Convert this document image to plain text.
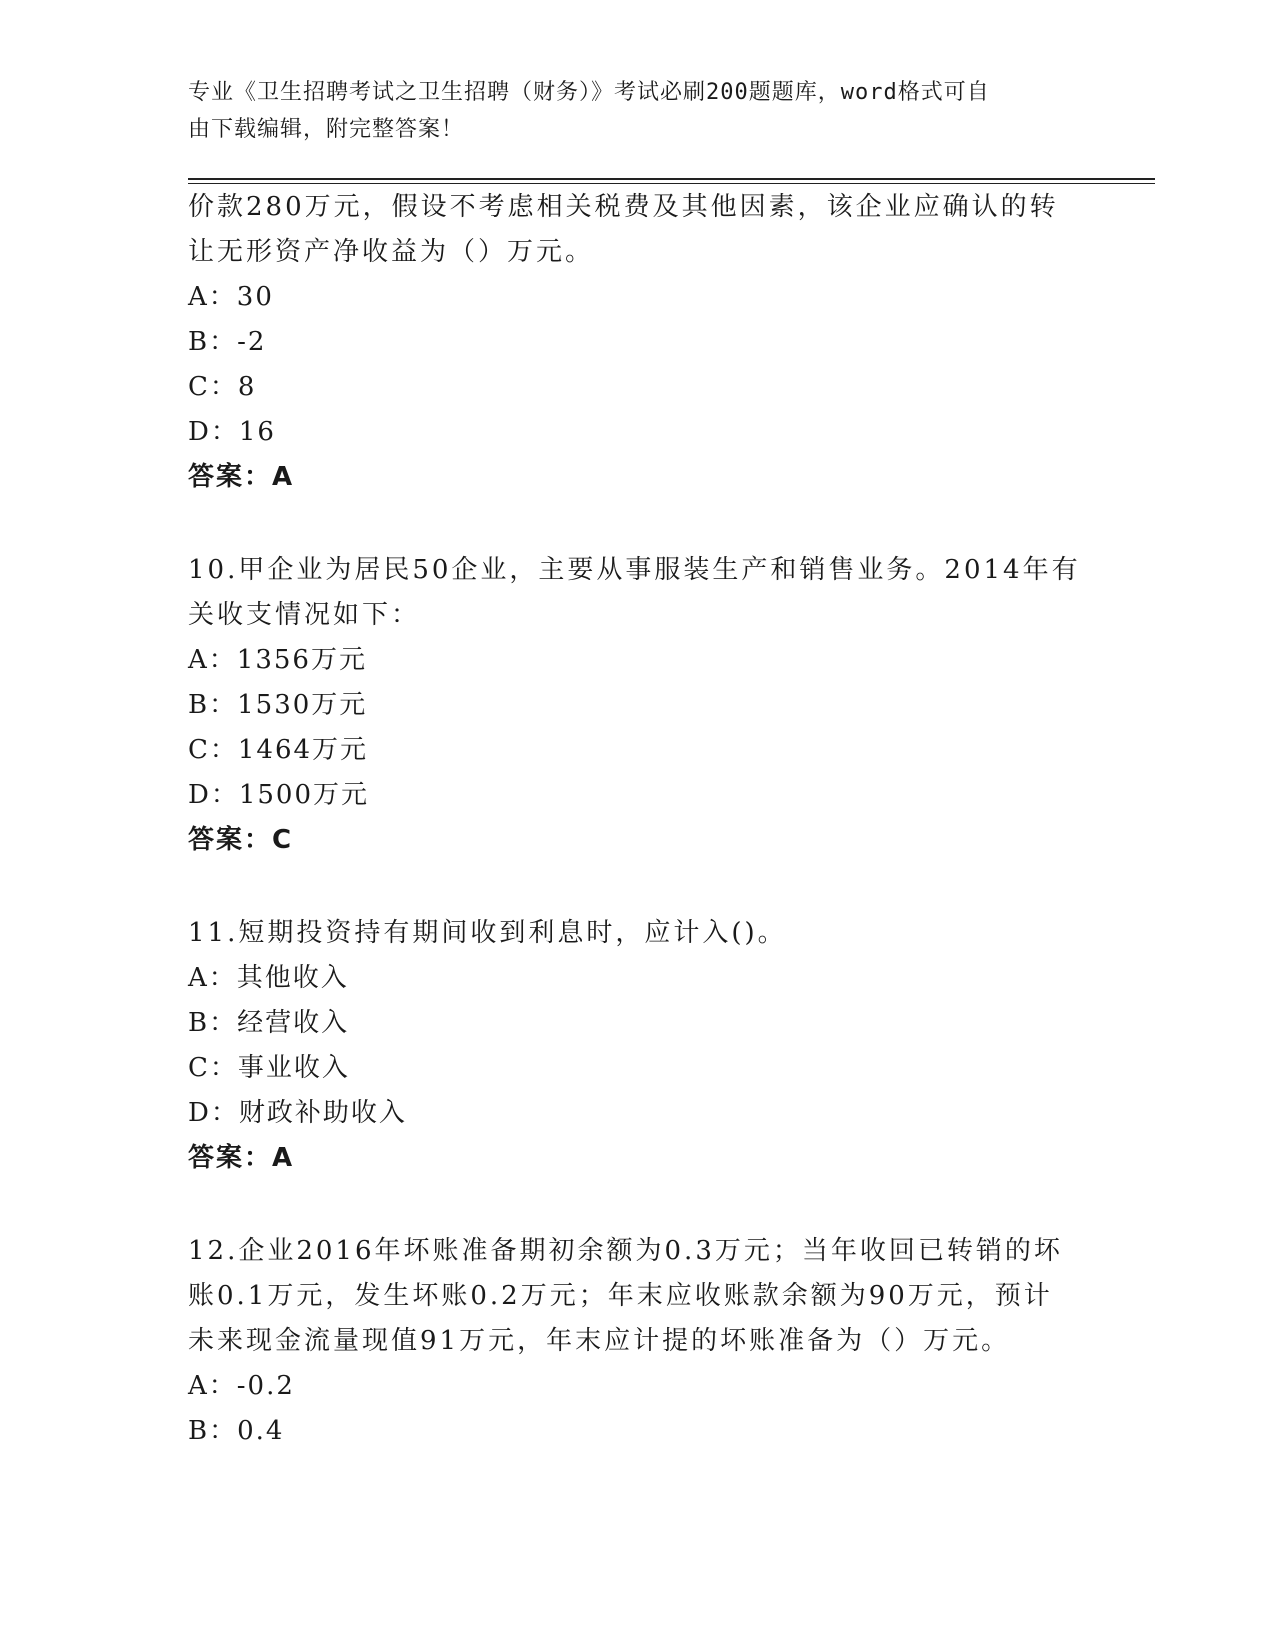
专业《卫生招聘考试之卫生招聘（财务）》考试必刷200题题库，word格式可自
由下载编辑，附完整答案！
价款280万元，假设不考虑相关税费及其他因素，该企业应确认的转
让无形资产净收益为（）万元。
A：30
B：-2
C：8
D：16
答案：A
10.甲企业为居民50企业，主要从事服装生产和销售业务。2014年有
关收支情况如下：
A：1356万元
B：1530万元
C：1464万元
D：1500万元
答案：C
11.短期投资持有期间收到利息时，应计入()。
A：其他收入
B：经营收入
C：事业收入
D：财政补助收入
答案：A
12.企业2016年坏账准备期初余额为0.3万元；当年收回已转销的坏
账0.1万元，发生坏账0.2万元；年末应收账款余额为90万元，预计
未来现金流量现值91万元，年末应计提的坏账准备为（）万元。
A：-0.2
B：0.4
